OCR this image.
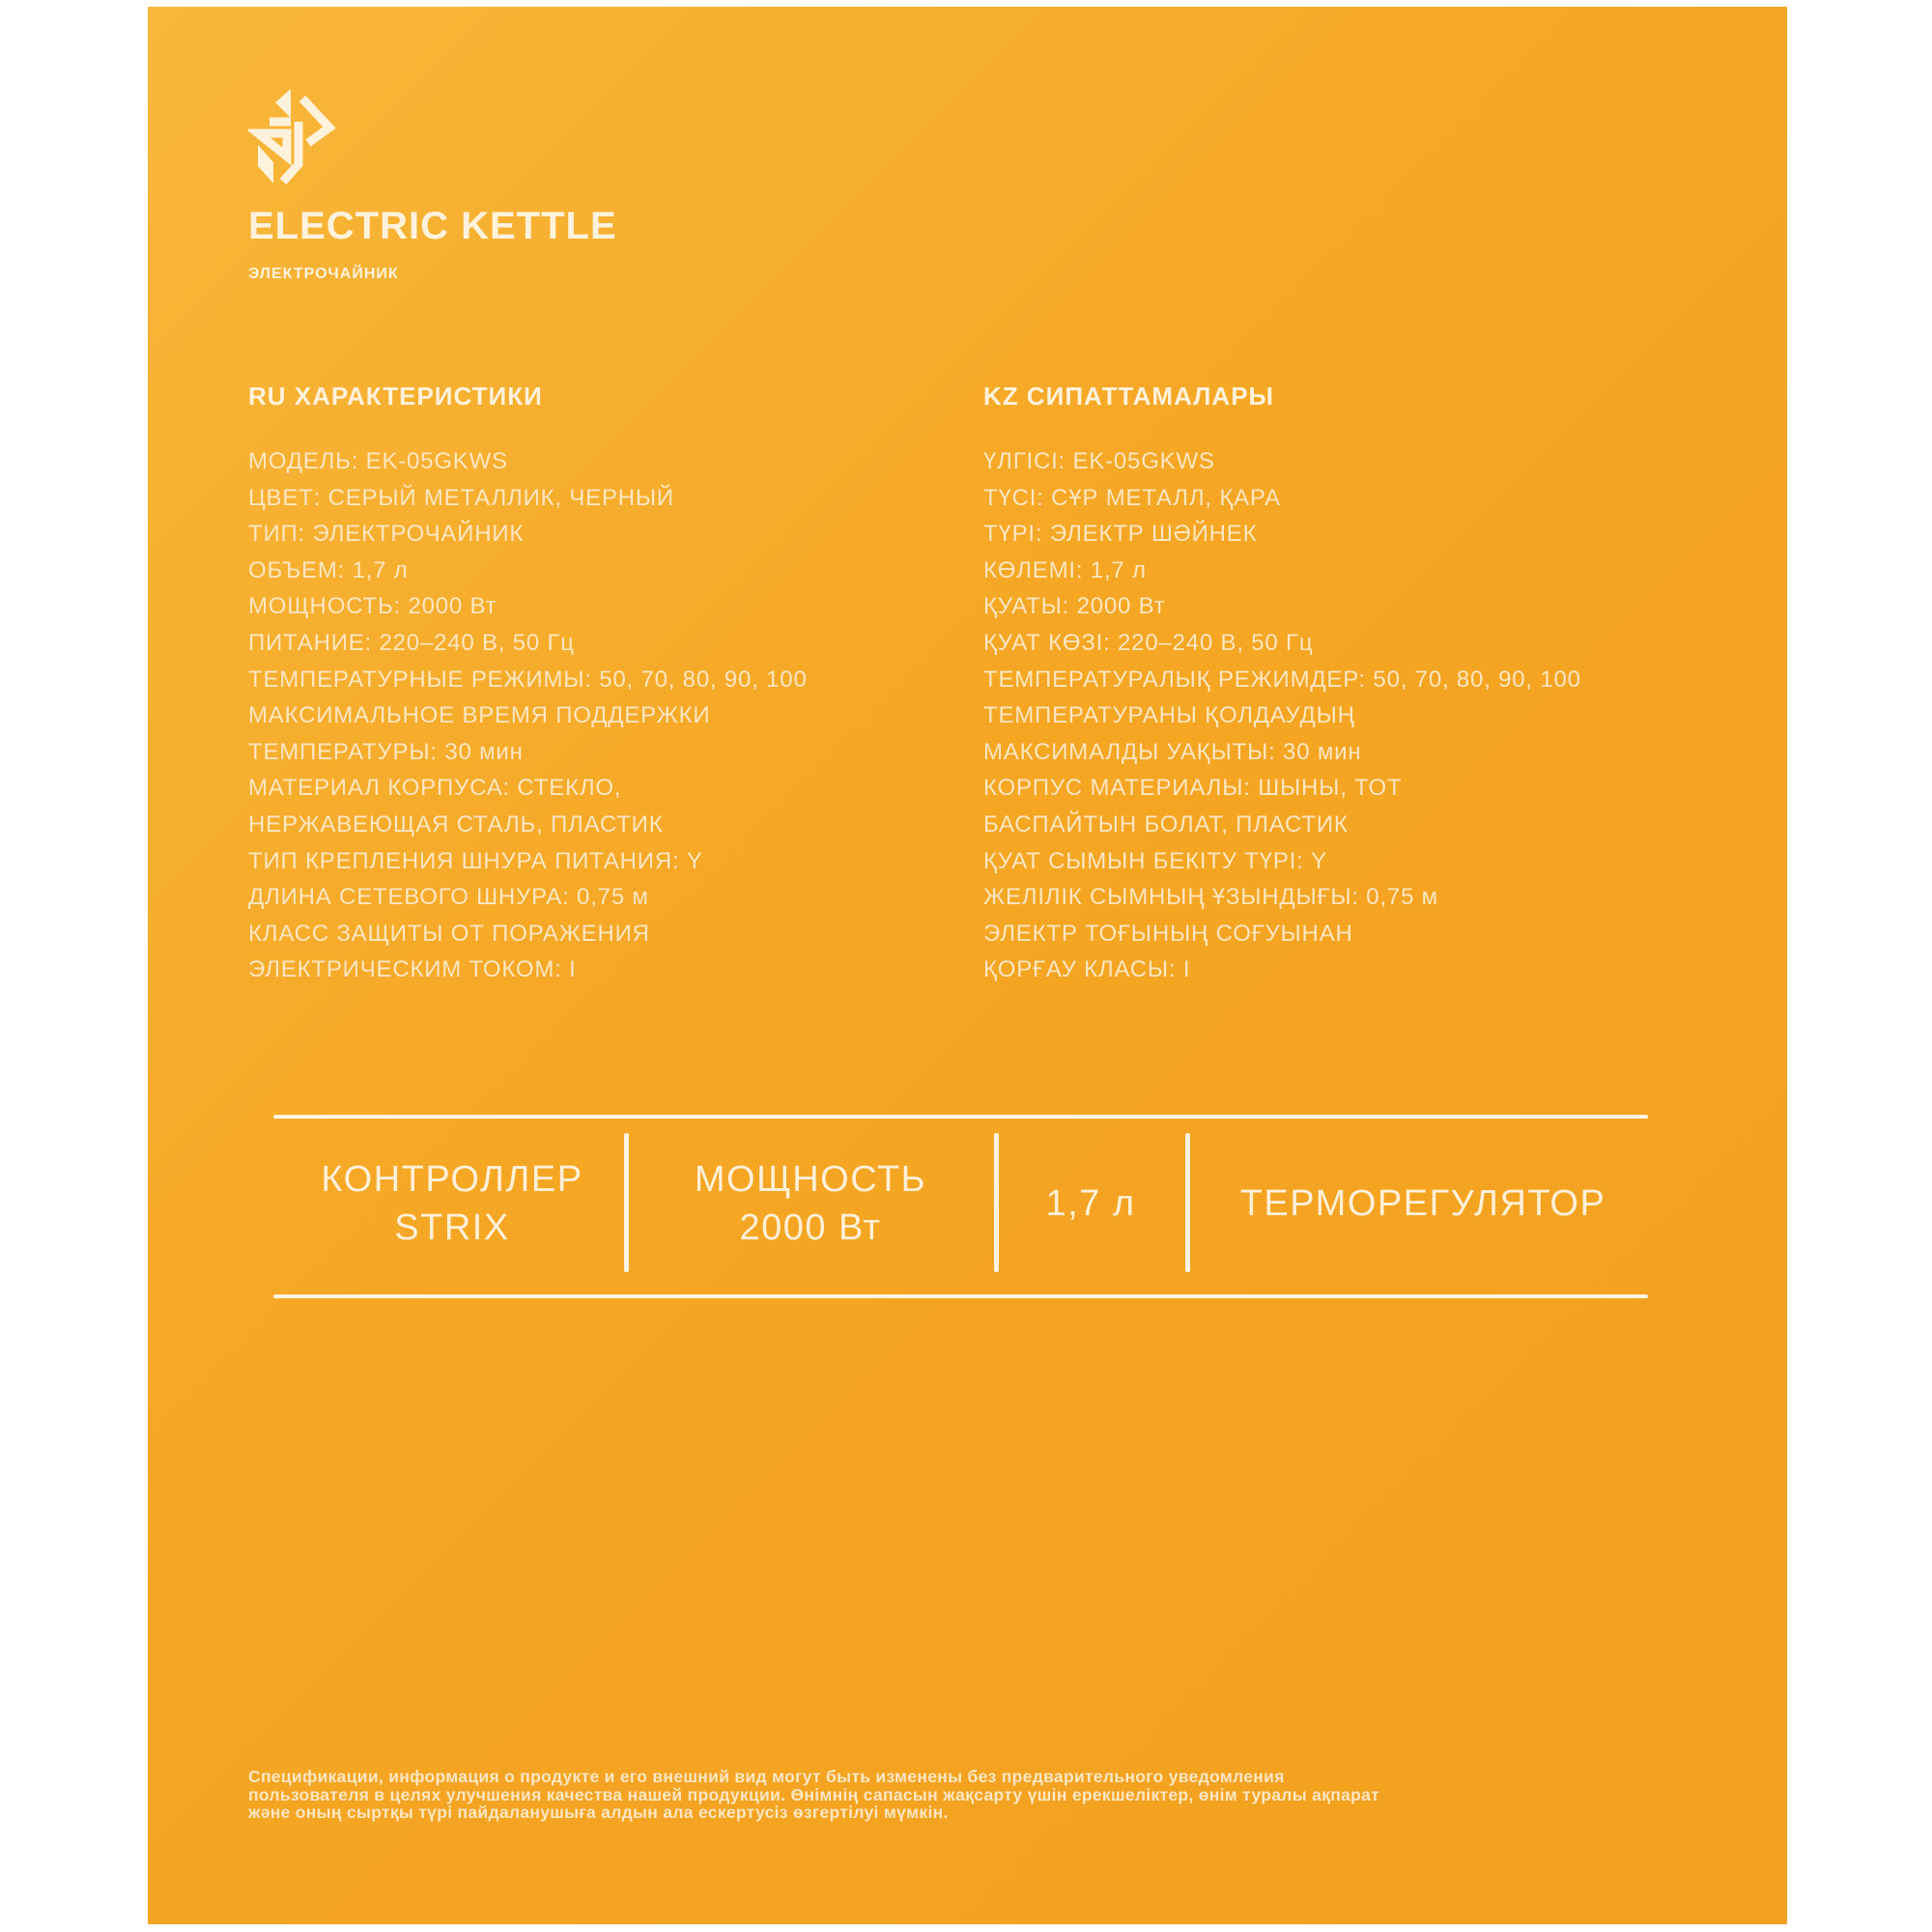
ELECTRIC KETTLE
ЭЛЕКТРОЧАЙНИК
RU ХАРАКТЕРИСТИКИ
МОДЕЛЬ: EK-05GKWS
ЦВЕТ: СЕРЫЙ МЕТАЛЛИК, ЧЕРНЫЙ
ТИП: ЭЛЕКТРОЧАЙНИК
ОБЪЕМ: 1,7 л
МОЩНОСТЬ: 2000 Вт
ПИТАНИЕ: 220–240 В, 50 Гц
ТЕМПЕРАТУРНЫЕ РЕЖИМЫ: 50, 70, 80, 90, 100
МАКСИМАЛЬНОЕ ВРЕМЯ ПОДДЕРЖКИ
ТЕМПЕРАТУРЫ: 30 мин
МАТЕРИАЛ КОРПУСА: СТЕКЛО,
НЕРЖАВЕЮЩАЯ СТАЛЬ, ПЛАСТИК
ТИП КРЕПЛЕНИЯ ШНУРА ПИТАНИЯ: Y
ДЛИНА СЕТЕВОГО ШНУРА: 0,75 м
КЛАСС ЗАЩИТЫ ОТ ПОРАЖЕНИЯ
ЭЛЕКТРИЧЕСКИМ ТОКОМ: I
KZ СИПАТТАМАЛАРЫ
ҮЛГІСІ: EK-05GKWS
ТҮСІ: СҰР МЕТАЛЛ, ҚАРА
ТҮРІ: ЭЛЕКТР ШӘЙНЕК
КӨЛЕМІ: 1,7 л
ҚУАТЫ: 2000 Вт
ҚУАТ КӨЗІ: 220–240 В, 50 Гц
ТЕМПЕРАТУРАЛЫҚ РЕЖИМДЕР: 50, 70, 80, 90, 100
ТЕМПЕРАТУРАНЫ ҚОЛДАУДЫҢ
МАКСИМАЛДЫ УАҚЫТЫ: 30 мин
КОРПУС МАТЕРИАЛЫ: ШЫНЫ, ТОТ
БАСПАЙТЫН БОЛАТ, ПЛАСТИК
ҚУАТ СЫМЫН БЕКІТУ ТҮРІ: Y
ЖЕЛІЛІК СЫМНЫҢ ҰЗЫНДЫҒЫ: 0,75 м
ЭЛЕКТР ТОҒЫНЫҢ СОҒУЫНАН
ҚОРҒАУ КЛАСЫ: I
КОНТРОЛЛЕР
STRIX
МОЩНОСТЬ
2000 Вт
1,7 л	ТЕРМОРЕГУЛЯТОР
Спецификации, информация о продукте и его внешний вид могут быть изменены без предварительного уведомления
пользователя в целях улучшения качества нашей продукции. Өнімнің сапасын жақсарту үшін ерекшеліктер, өнім туралы ақпарат
және оның сыртқы түрі пайдаланушыға алдын ала ескертусіз өзгертілуі мүмкін.
